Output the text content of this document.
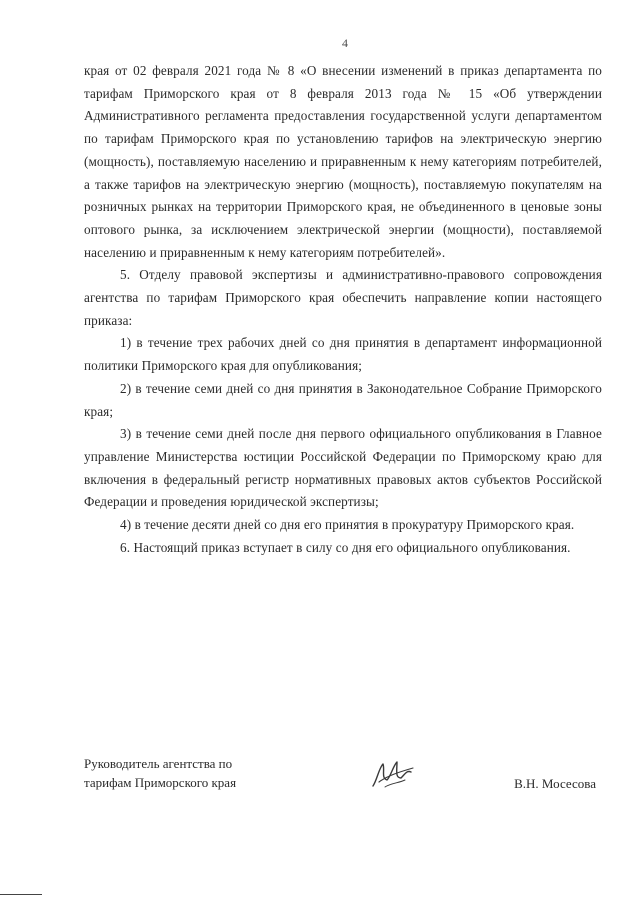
4

края от 02 февраля 2021 года № 8 «О внесении изменений в приказ департамента по тарифам Приморского края от 8 февраля 2013 года № 15 «Об утверждении Административного регламента предоставления государственной услуги департаментом по тарифам Приморского края по установлению тарифов на электрическую энергию (мощность), поставляемую населению и приравненным к нему категориям потребителей, а также тарифов на электрическую энергию (мощность), поставляемую покупателям на розничных рынках на территории Приморского края, не объединенного в ценовые зоны оптового рынка, за исключением электрической энергии (мощности), поставляемой населению и приравненным к нему категориям потребителей».

5. Отделу правовой экспертизы и административно-правового сопровождения агентства по тарифам Приморского края обеспечить направление копии настоящего приказа:

1) в течение трех рабочих дней со дня принятия в департамент информационной политики Приморского края для опубликования;

2) в течение семи дней со дня принятия в Законодательное Собрание Приморского края;

3) в течение семи дней после дня первого официального опубликования в Главное управление Министерства юстиции Российской Федерации по Приморскому краю для включения в федеральный регистр нормативных правовых актов субъектов Российской Федерации и проведения юридической экспертизы;

4) в течение десяти дней со дня его принятия в прокуратуру Приморского края.

6. Настоящий приказ вступает в силу со дня его официального опубликования.

Руководитель агентства по
тарифам Приморского края	В.Н. Мосесова
